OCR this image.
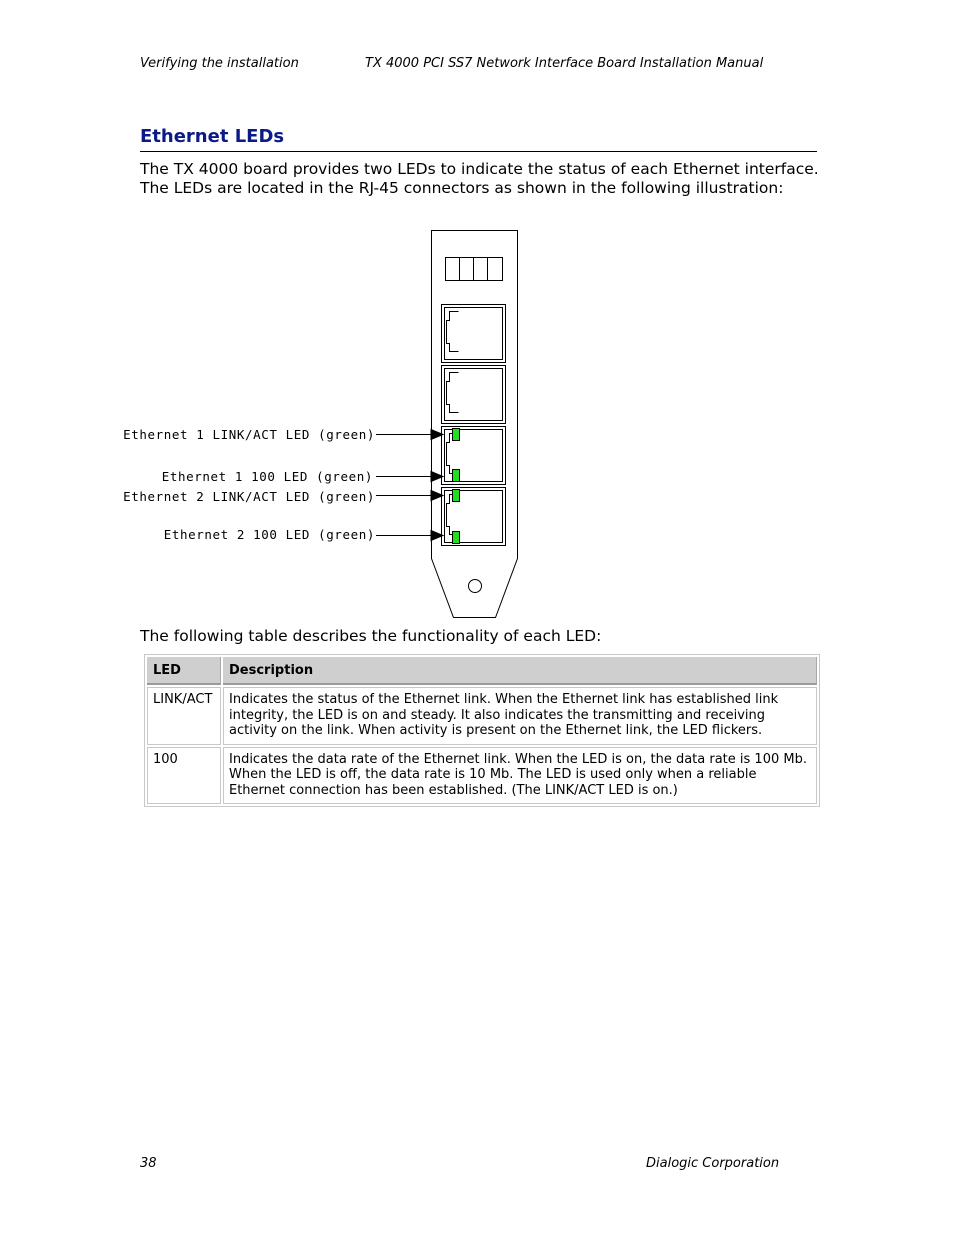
Verifying the installation	TX 4000 PCI SS7 Network Interface Board Installation Manual
Ethernet LEDs
The TX 4000 board provides two LEDs to indicate the status of each Ethernet interface. The LEDs are located in the RJ-45 connectors as shown in the following illustration:
Ethernet 1 LINK/ACT LED (green)
Ethernet 1 100 LED (green)
Ethernet 2 LINK/ACT LED (green)
Ethernet 2 100 LED (green)
The following table describes the functionality of each LED:
LED	Description
LINK/ACT	Indicates the status of the Ethernet link. When the Ethernet link has established link integrity, the LED is on and steady. It also indicates the transmitting and receiving activity on the link. When activity is present on the Ethernet link, the LED flickers.
100	Indicates the data rate of the Ethernet link. When the LED is on, the data rate is 100 Mb. When the LED is off, the data rate is 10 Mb. The LED is used only when a reliable Ethernet connection has been established. (The LINK/ACT LED is on.)
38	Dialogic Corporation
